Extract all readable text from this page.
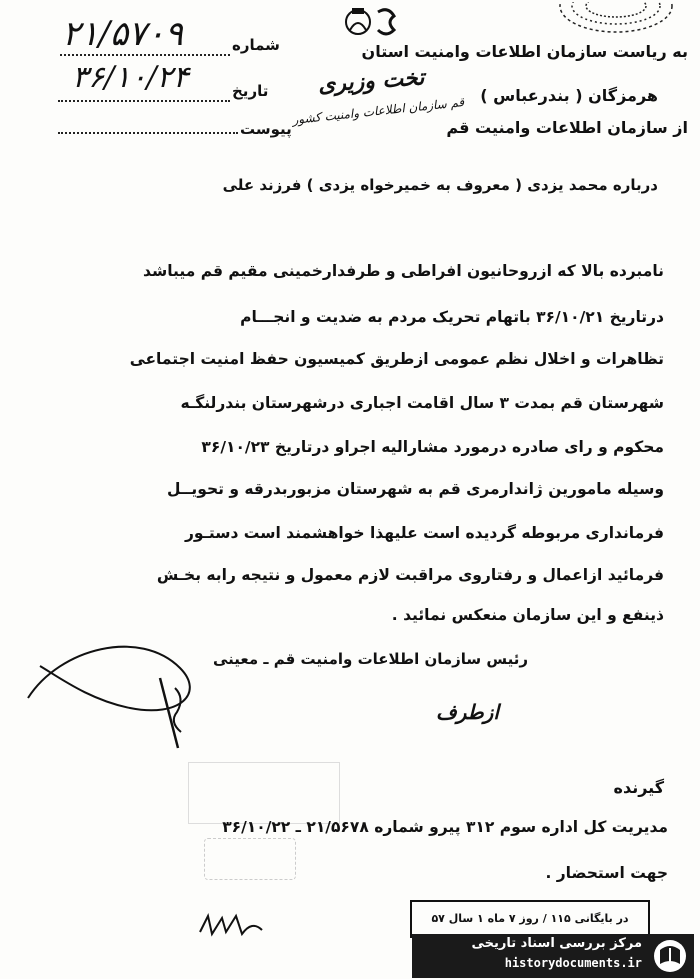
شماره
۲۱/۵۷۰۹
تاریخ
۳۶/۱۰/۲۴
پیوست
به ریاست سازمان اطلاعات وامنیت استان
هرمزگان ( بندرعباس )
از سازمان اطلاعات وامنیت قم
تخت وزیری
قم سازمان اطلاعات وامنیت کشور
درباره محمد یزدی ( معروف به خمیرخواه یزدی ) فرزند علی
نامبرده بالا که ازروحانیون افراطی و طرفدارخمینی مقیم قم میباشد
درتاریخ ۳۶/۱۰/۲۱ باتهام تحریک مردم به ضدیت و انجـــام
تظاهرات و اخلال نظم عمومی ازطریق کمیسیون حفظ امنیت اجتماعی
شهرستان قم بمدت ۳ سال اقامت اجباری درشهرستان بندرلنگـه
محکوم و رای صادره درمورد مشارالیه اجراو درتاریخ ۳۶/۱۰/۲۳
وسیله مامورین ژاندارمری قم به شهرستان مزبوربدرقه و تحویــل
فرمانداری مربوطه گردیده است علیهذا خواهشمند است دستـور
فرمائید ازاعمال و رفتاروی مراقبت لازم معمول و نتیجه رابه بخـش
ذینفع و این سازمان منعکس نمائید .
رئیس سازمان اطلاعات وامنیت قم ـ معینی
ازطرف
گیرنده
مدیریت کل اداره سوم ۳۱۲ پیرو شماره ۲۱/۵۶۷۸ ـ ۳۶/۱۰/۲۲
جهت استحضار .
در بایگانی ۱۱۵ / روز ۷ ماه ۱ سال ۵۷
مرکز بررسی اسناد تاریخی
historydocuments.ir
